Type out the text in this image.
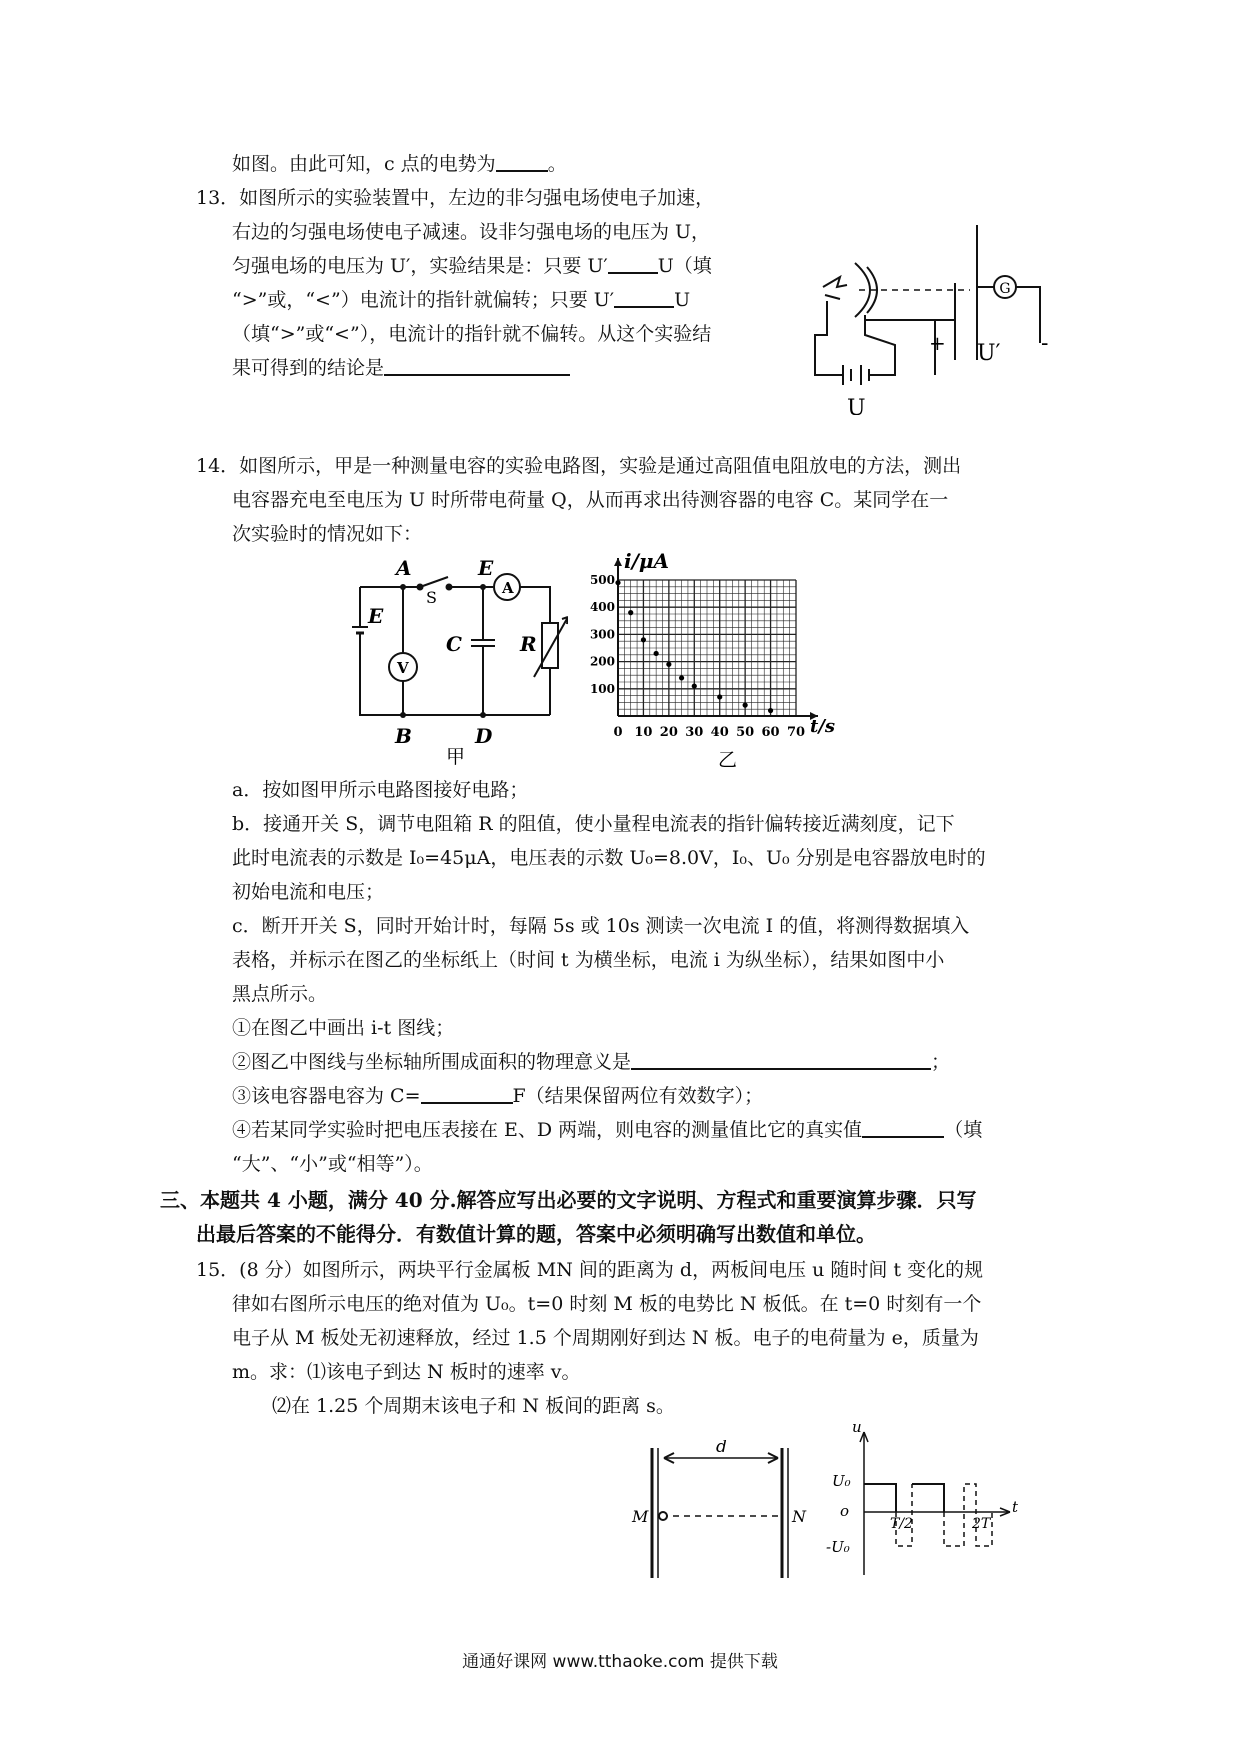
如图。由此可知，c 点的电势为	。
13．如图所示的实验装置中，左边的非匀强电场使电子加速，
右边的匀强电场使电子减速。设非匀强电场的电压为 U，
匀强电场的电压为 U′，实验结果是：只要 U′	U（填
“>”或，“<”）电流计的指针就偏转；只要 U′	U
（填“>”或“<”），电流计的指针就不偏转。从这个实验结
果可得到的结论是
G
+	-
U
U′
14．如图所示，甲是一种测量电容的实验电路图，实验是通过高阻值电阻放电的方法，测出
电容器充电至电压为 U 时所带电荷量 Q，从而再求出待测容器的电容 C。某同学在一
次实验时的情况如下：
A
S
E
A
E
C	R
V
B	D
甲
0 10 20 30 40 50 60 70
100
200
300
400
500
i/μA
t/s
乙
a．按如图甲所示电路图接好电路；
b．接通开关 S，调节电阻箱 R 的阻值，使小量程电流表的指针偏转接近满刻度，记下
此时电流表的示数是 I₀=45μA，电压表的示数 U₀=8.0V，I₀、U₀ 分别是电容器放电时的
初始电流和电压；
c．断开开关 S，同时开始计时，每隔 5s 或 10s 测读一次电流 I 的值，将测得数据填入
表格，并标示在图乙的坐标纸上（时间 t 为横坐标，电流 i 为纵坐标），结果如图中小
黑点所示。
①在图乙中画出 i-t 图线；
②图乙中图线与坐标轴所围成面积的物理意义是	；
③该电容器电容为 C=	F（结果保留两位有效数字）；
④若某同学实验时把电压表接在 E、D 两端，则电容的测量值比它的真实值	（填
“大”、“小”或“相等”）。
三、本题共 4 小题，满分 40 分.解答应写出必要的文字说明、方程式和重要演算步骤．只写
出最后答案的不能得分．有数值计算的题，答案中必须明确写出数值和单位。
15．(8 分）如图所示，两块平行金属板 MN 间的距离为 d，两板间电压 u 随时间 t 变化的规
律如右图所示电压的绝对值为 U₀。t=0 时刻 M 板的电势比 N 板低。在 t=0 时刻有一个
电子从 M 板处无初速释放，经过 1.5 个周期刚好到达 N 板。电子的电荷量为 e，质量为
m。求：⑴该电子到达 N 板时的速率 v。
⑵在 1.25 个周期末该电子和 N 板间的距离 s。
d
M	N
u
U₀
o
-U₀
t
T/2	2T
通通好课网 www.tthaoke.com 提供下载
